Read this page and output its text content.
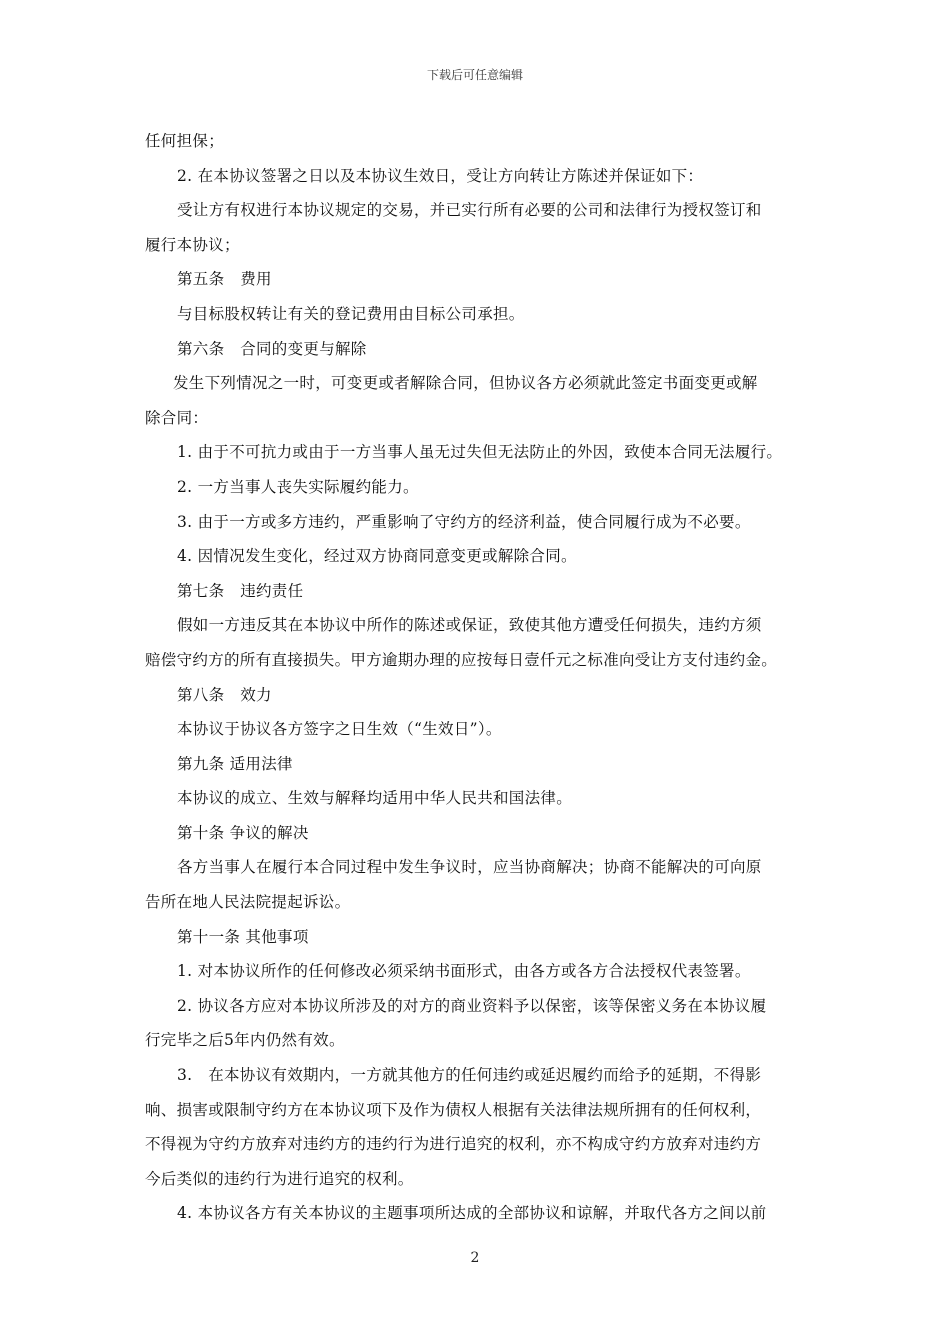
下载后可任意编辑
任何担保；
2. 在本协议签署之日以及本协议生效日，受让方向转让方陈述并保证如下：
受让方有权进行本协议规定的交易，并已实行所有必要的公司和法律行为授权签订和
履行本协议；
第五条　费用
与目标股权转让有关的登记费用由目标公司承担。
第六条　合同的变更与解除
发生下列情况之一时，可变更或者解除合同，但协议各方必须就此签定书面变更或解
除合同：
1. 由于不可抗力或由于一方当事人虽无过失但无法防止的外因，致使本合同无法履行。
2. 一方当事人丧失实际履约能力。
3. 由于一方或多方违约，严重影响了守约方的经济利益，使合同履行成为不必要。
4. 因情况发生变化，经过双方协商同意变更或解除合同。
第七条　违约责任
假如一方违反其在本协议中所作的陈述或保证，致使其他方遭受任何损失，违约方须
赔偿守约方的所有直接损失。甲方逾期办理的应按每日壹仟元之标准向受让方支付违约金。
第八条　效力
本协议于协议各方签字之日生效（“生效日”）。
第九条 适用法律
本协议的成立、生效与解释均适用中华人民共和国法律。
第十条 争议的解决
各方当事人在履行本合同过程中发生争议时，应当协商解决；协商不能解决的可向原
告所在地人民法院提起诉讼。
第十一条 其他事项
1. 对本协议所作的任何修改必须采纳书面形式，由各方或各方合法授权代表签署。
2. 协议各方应对本协议所涉及的对方的商业资料予以保密，该等保密义务在本协议履
行完毕之后5年内仍然有效。
3.　在本协议有效期内，一方就其他方的任何违约或延迟履约而给予的延期，不得影
响、损害或限制守约方在本协议项下及作为债权人根据有关法律法规所拥有的任何权利，
不得视为守约方放弃对违约方的违约行为进行追究的权利，亦不构成守约方放弃对违约方
今后类似的违约行为进行追究的权利。
4. 本协议各方有关本协议的主题事项所达成的全部协议和谅解，并取代各方之间以前
2
